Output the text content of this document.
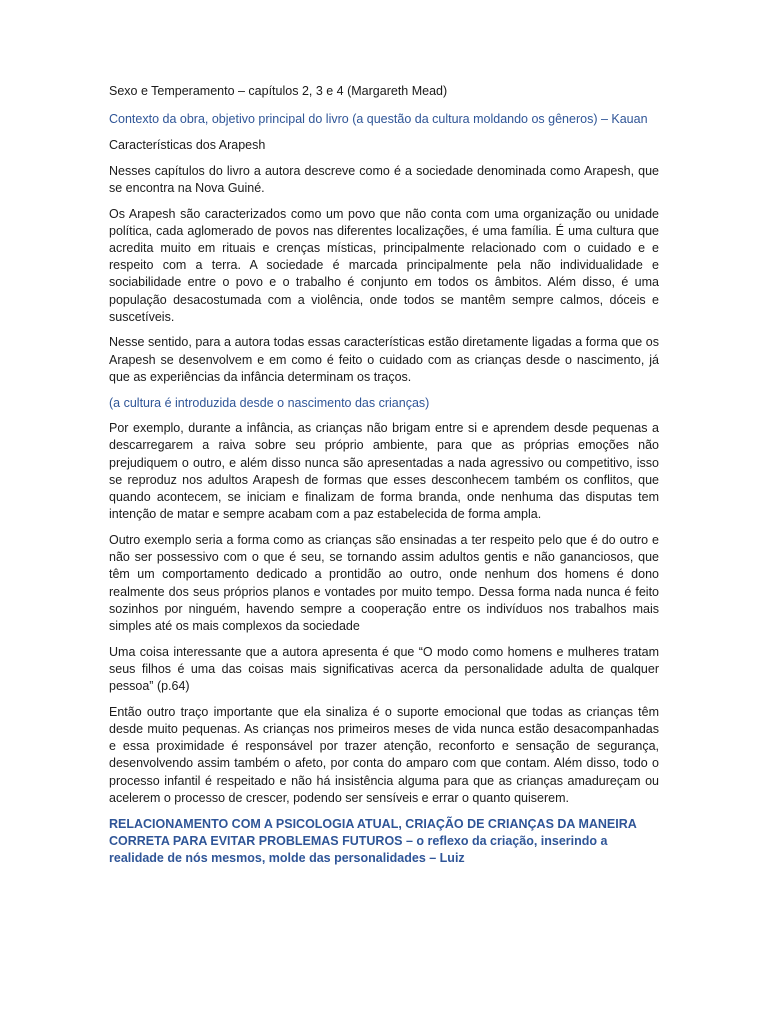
Sexo e Temperamento – capítulos 2, 3 e 4 (Margareth Mead)

Contexto da obra, objetivo principal do livro (a questão da cultura moldando os gêneros) – Kauan

Características dos Arapesh

Nesses capítulos do livro a autora descreve como é a sociedade denominada como Arapesh, que se encontra na Nova Guiné.

Os Arapesh são caracterizados como um povo que não conta com uma organização ou unidade política, cada aglomerado de povos nas diferentes localizações, é uma família. É uma cultura que acredita muito em rituais e crenças místicas, principalmente relacionado com o cuidado e e respeito com a terra. A sociedade é marcada principalmente pela não individualidade e sociabilidade entre o povo e o trabalho é conjunto em todos os âmbitos. Além disso, é uma população desacostumada com a violência, onde todos se mantêm sempre calmos, dóceis e suscetíveis.

Nesse sentido, para a autora todas essas características estão diretamente ligadas a forma que os Arapesh se desenvolvem e em como é feito o cuidado com as crianças desde o nascimento, já que as experiências da infância determinam os traços.

(a cultura é introduzida desde o nascimento das crianças)

Por exemplo, durante a infância, as crianças não brigam entre si e aprendem desde pequenas a descarregarem a raiva sobre seu próprio ambiente, para que as próprias emoções não prejudiquem o outro, e além disso nunca são apresentadas a nada agressivo ou competitivo, isso se reproduz nos adultos Arapesh de formas que esses desconhecem também os conflitos, que quando acontecem, se iniciam e finalizam de forma branda, onde nenhuma das disputas tem intenção de matar e sempre acabam com a paz estabelecida de forma ampla.

Outro exemplo seria a forma como as crianças são ensinadas a ter respeito pelo que é do outro e não ser possessivo com o que é seu, se tornando assim adultos gentis e não gananciosos, que têm um comportamento dedicado a prontidão ao outro, onde nenhum dos homens é dono realmente dos seus próprios planos e vontades por muito tempo. Dessa forma nada nunca é feito sozinhos por ninguém, havendo sempre a cooperação entre os indivíduos nos trabalhos mais simples até os mais complexos da sociedade

Uma coisa interessante que a autora apresenta é que “O modo como homens e mulheres tratam seus filhos é uma das coisas mais significativas acerca da personalidade adulta de qualquer pessoa” (p.64)

Então outro traço importante que ela sinaliza é o suporte emocional que todas as crianças têm desde muito pequenas. As crianças nos primeiros meses de vida nunca estão desacompanhadas e essa proximidade é responsável por trazer atenção, reconforto e sensação de segurança, desenvolvendo assim também o afeto, por conta do amparo com que contam. Além disso, todo o processo infantil é respeitado e não há insistência alguma para que as crianças amadureçam ou acelerem o processo de crescer, podendo ser sensíveis e errar o quanto quiserem.

RELACIONAMENTO COM A PSICOLOGIA ATUAL, CRIAÇÃO DE CRIANÇAS DA MANEIRA CORRETA PARA EVITAR PROBLEMAS FUTUROS – o reflexo da criação, inserindo a realidade de nós mesmos, molde das personalidades – Luiz
